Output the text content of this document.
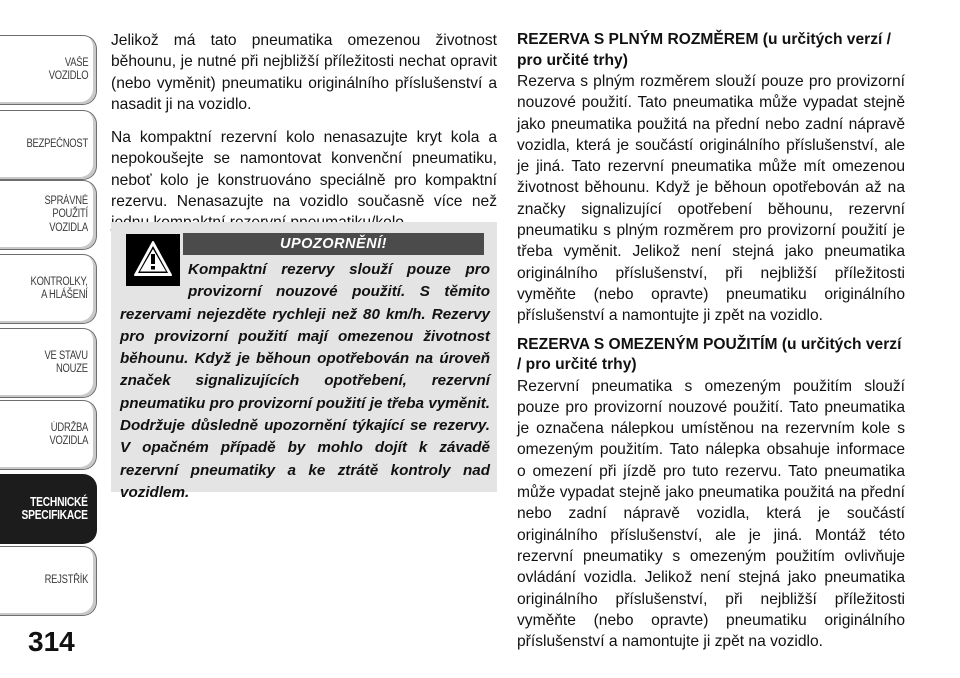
VAŠE
VOZIDLO
BEZPEČNOST
SPRÁVNÉ
POUŽITÍ
VOZIDLA
KONTROLKY,
A HLÁŠENÍ
VE STAVU
NOUZE
ÚDRŽBA
VOZIDLA
TECHNICKÉ
SPECIFIKACE
REJSTŘÍK
314

Jelikož má tato pneumatika omezenou životnost běhounu, je nutné při nejbližší příležitosti nechat opravit (nebo vyměnit) pneumatiku originálního příslušenství a nasadit ji na vozidlo.

Na kompaktní rezervní kolo nenasazujte kryt kola a nepokoušejte se namontovat konvenční pneumatiku, neboť kolo je konstruováno speciálně pro kompaktní rezervu. Nenasazujte na vozidlo současně více než

UPOZORNĚNÍ!
Kompaktní rezervy slouží pouze pro provizorní nouzové použití. S těmito rezervami nejezděte rychleji než 80 km/h. Rezervy pro provizorní použití mají omezenou životnost běhounu. Když je běhoun opotřebován na úroveň značek signalizujících opotřebení, rezervní pneumatiku pro provizorní použití je třeba vyměnit. Dodržuje důsledně upozornění týkající se rezervy. V opačném případě by mohlo dojít k závadě rezervní pneumatiky a ke ztrátě kontroly nad vozidlem.
REZERVA S PLNÝM ROZMĚREM (u určitých verzí / pro určité trhy)

Rezerva s plným rozměrem slouží pouze pro provizorní nouzové použití. Tato pneumatika může vypadat stejně jako pneumatika použitá na přední nebo zadní nápravě vozidla, která je součástí originálního příslušenství, ale je jiná. Tato rezervní pneumatika může mít omezenou životnost běhounu. Když je běhoun opotřebován až na značky signalizující opotřebení běhounu, rezervní pneumatiku s plným rozměrem pro provizorní použití je třeba vyměnit. Jelikož není stejná jako pneumatika originálního příslušenství, při nejbližší příležitosti vyměňte (nebo opravte) pneumatiku originálního příslušenství a namontujte ji zpět na vozidlo.

REZERVA S OMEZENÝM POUŽITÍM (u určitých verzí / pro určité trhy)

Rezervní pneumatika s omezeným použitím slouží pouze pro provizorní nouzové použití. Tato pneumatika je označena nálepkou umístěnou na rezervním kole s omezeným použitím. Tato nálepka obsahuje informace o omezení při jízdě pro tuto rezervu. Tato pneumatika může vypadat stejně jako pneumatika použitá na přední nebo zadní nápravě vozidla, která je součástí originálního příslušenství, ale je jiná. Montáž této rezervní pneumatiky s omezeným použitím ovlivňuje ovládání vozidla. Jelikož není stejná jako pneumatika originálního příslušenství, při nejbližší příležitosti vyměňte (nebo opravte) pneumatiku originálního příslušenství a namontujte ji zpět na vozidlo.
